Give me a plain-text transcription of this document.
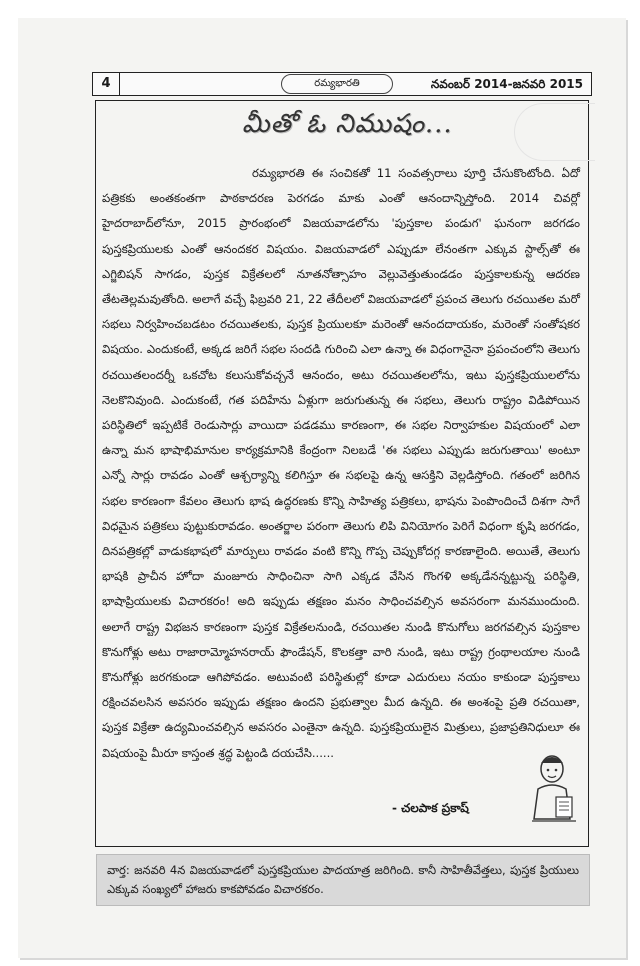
4	రమ్యభారతి	నవంబర్ 2014-జనవరి 2015
మీతో ఓ నిముషం...

రమ్యభారతి ఈ సంచికతో 11 సంవత్సరాలు పూర్తి చేసుకొంటోంది. ఏదో పత్రికకు అంతకంతగా పాఠకాదరణ పెరగడం మాకు ఎంతో ఆనందాన్నిస్తోంది. 2014 చివర్లో హైదరాబాద్‌లోనూ, 2015 ప్రారంభంలో విజయవాడలోను 'పుస్తకాల పండుగ' ఘనంగా జరగడం పుస్తకప్రియులకు ఎంతో ఆనందకర విషయం. విజయవాడలో ఎప్పుడూ లేనంతగా ఎక్కువ స్టాల్స్‌తో ఈ ఎగ్జిబిషన్ సాగడం, పుస్తక విక్రేతలలో నూతనోత్సాహం వెల్లువెత్తుతుండడం పుస్తకాలకున్న ఆదరణ తేటతెల్లమవుతోంది. అలాగే వచ్చే ఫిబ్రవరి 21, 22 తేదీలలో విజయవాడలో ప్రపంచ తెలుగు రచయితల మరో సభలు నిర్వహించబడటం రచయితలకు, పుస్తక ప్రియులకూ మరెంతో ఆనందదాయకం, మరెంతో సంతోషకర విషయం. ఎందుకంటే, అక్కడ జరిగే సభల సందడి గురించి ఎలా ఉన్నా ఈ విధంగానైనా ప్రపంచంలోని తెలుగు రచయితలందర్నీ ఒకచోట కలుసుకోవచ్చనే ఆనందం, అటు రచయితలలోను, ఇటు పుస్తకప్రియులలోను నెలకొనివుంది. ఎందుకంటే, గత పదిహేను ఏళ్లుగా జరుగుతున్న ఈ సభలు, తెలుగు రాష్ట్రం విడిపోయిన పరిస్థితిలో ఇప్పటికే రెండుసార్లు వాయిదా పడడము కారణంగా, ఈ సభల నిర్వాహకుల విషయంలో ఎలా ఉన్నా మన భాషాభిమానుల కార్యక్రమానికి కేంద్రంగా నిలబడే 'ఈ సభలు ఎప్పుడు జరుగుతాయి' అంటూ ఎన్నో సార్లు రావడం ఎంతో ఆశ్చర్యాన్ని కలిగిస్తూ ఈ సభలపై ఉన్న ఆసక్తిని వెల్లడిస్తోంది. గతంలో జరిగిన సభల కారణంగా కేవలం తెలుగు భాష ఉద్ధరణకు కొన్ని సాహిత్య పత్రికలు, భాషను పెంపొందించే దిశగా సాగే విధమైన పత్రికలు పుట్టుకురావడం. అంతర్జాల పరంగా తెలుగు లిపి వినియోగం పెరిగే విధంగా కృషి జరగడం, దినపత్రికల్లో వాడుకభాషలో మార్పులు రావడం వంటి కొన్ని గొప్ప చెప్పుకోదగ్గ కారణాలైంది. అయితే, తెలుగు భాషకి ప్రాచీన హోదా మంజూరు సాధించినా సాగి ఎక్కడ వేసిన గొంగళి అక్కడేనన్నట్టున్న పరిస్థితి, భాషాప్రియులకు విచారకరం! అది ఇప్పుడు తక్షణం మనం సాధించవల్సిన అవసరంగా మనముందుంది. అలాగే రాష్ట్ర విభజన కారణంగా పుస్తక విక్రేతలనుండి, రచయితల నుండి కొనుగోలు జరగవల్సిన పుస్తకాల కొనుగోళ్లు అటు రాజారామ్మోహనరాయ్ ఫౌండేషన్, కొలకత్తా వారి నుండి, ఇటు రాష్ట్ర గ్రంథాలయాల నుండి కొనుగోళ్లు జరగకుండా ఆగిపోవడం. అటువంటి పరిస్థితుల్లో కూడా ఎదురులు నయం కాకుండా పుస్తకాలు రక్షించవలసిన అవసరం ఇప్పుడు తక్షణం ఉందని ప్రభుత్వాల మీద ఉన్నది. ఈ అంశంపై ప్రతి రచయితా, పుస్తక విక్రేతా ఉద్యమించవల్సిన అవసరం ఎంతైనా ఉన్నది. పుస్తకప్రియులైన మిత్రులు, ప్రజాప్రతినిధులూ ఈ విషయంపై మీరూ కాస్తంత శ్రద్ధ పెట్టండి దయచేసి......

- చలపాక ప్రకాష్
వార్త: జనవరి 4న విజయవాడలో పుస్తకప్రియుల పాదయాత్ర జరిగింది. కానీ సాహితీవేత్తలు, పుస్తక ప్రియులు ఎక్కువ సంఖ్యలో హాజరు కాకపోవడం విచారకరం.
